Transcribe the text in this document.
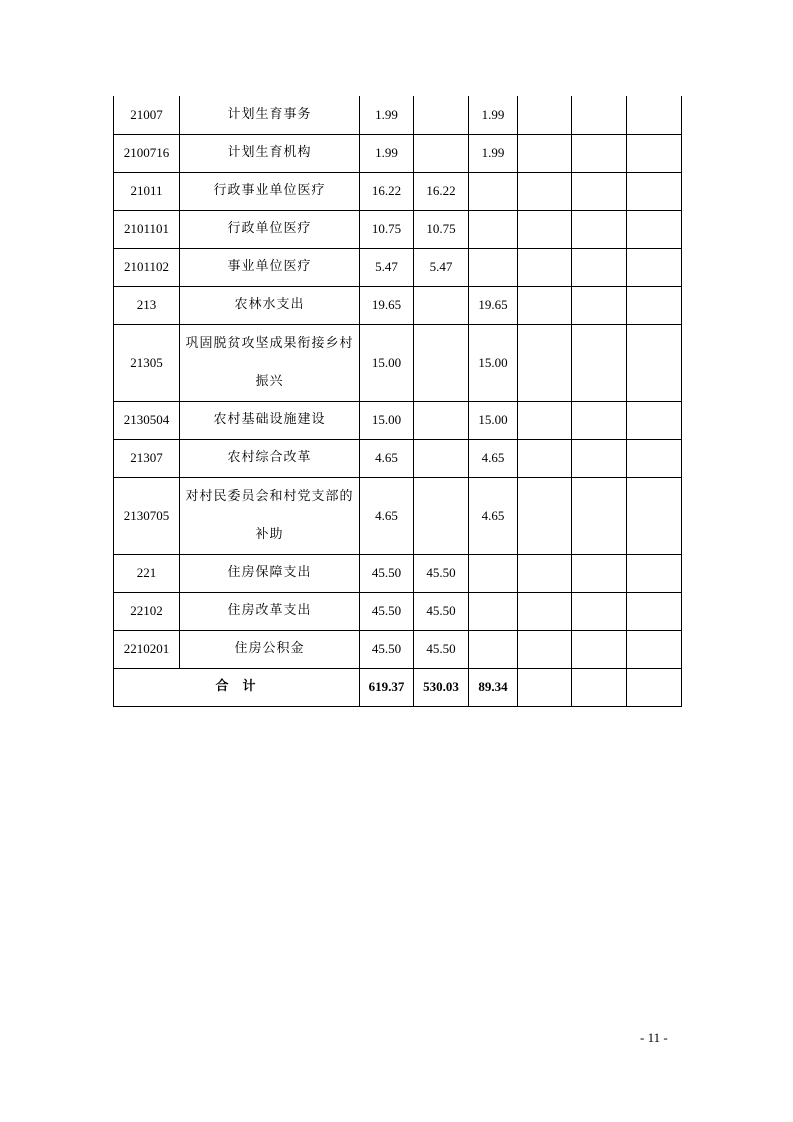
21007	计划生育事务	1.99		1.99			
2100716	计划生育机构	1.99		1.99			
21011	行政事业单位医疗	16.22	16.22				
2101101	行政单位医疗	10.75	10.75				
2101102	事业单位医疗	5.47	5.47				
213	农林水支出	19.65		19.65			
21305	巩固脱贫攻坚成果衔接乡村振兴	15.00		15.00			
2130504	农村基础设施建设	15.00		15.00			
21307	农村综合改革	4.65		4.65			
2130705	对村民委员会和村党支部的补助	4.65		4.65			
221	住房保障支出	45.50	45.50				
22102	住房改革支出	45.50	45.50				
2210201	住房公积金	45.50	45.50				
合计		619.37	530.03	89.34			
- 11 -
